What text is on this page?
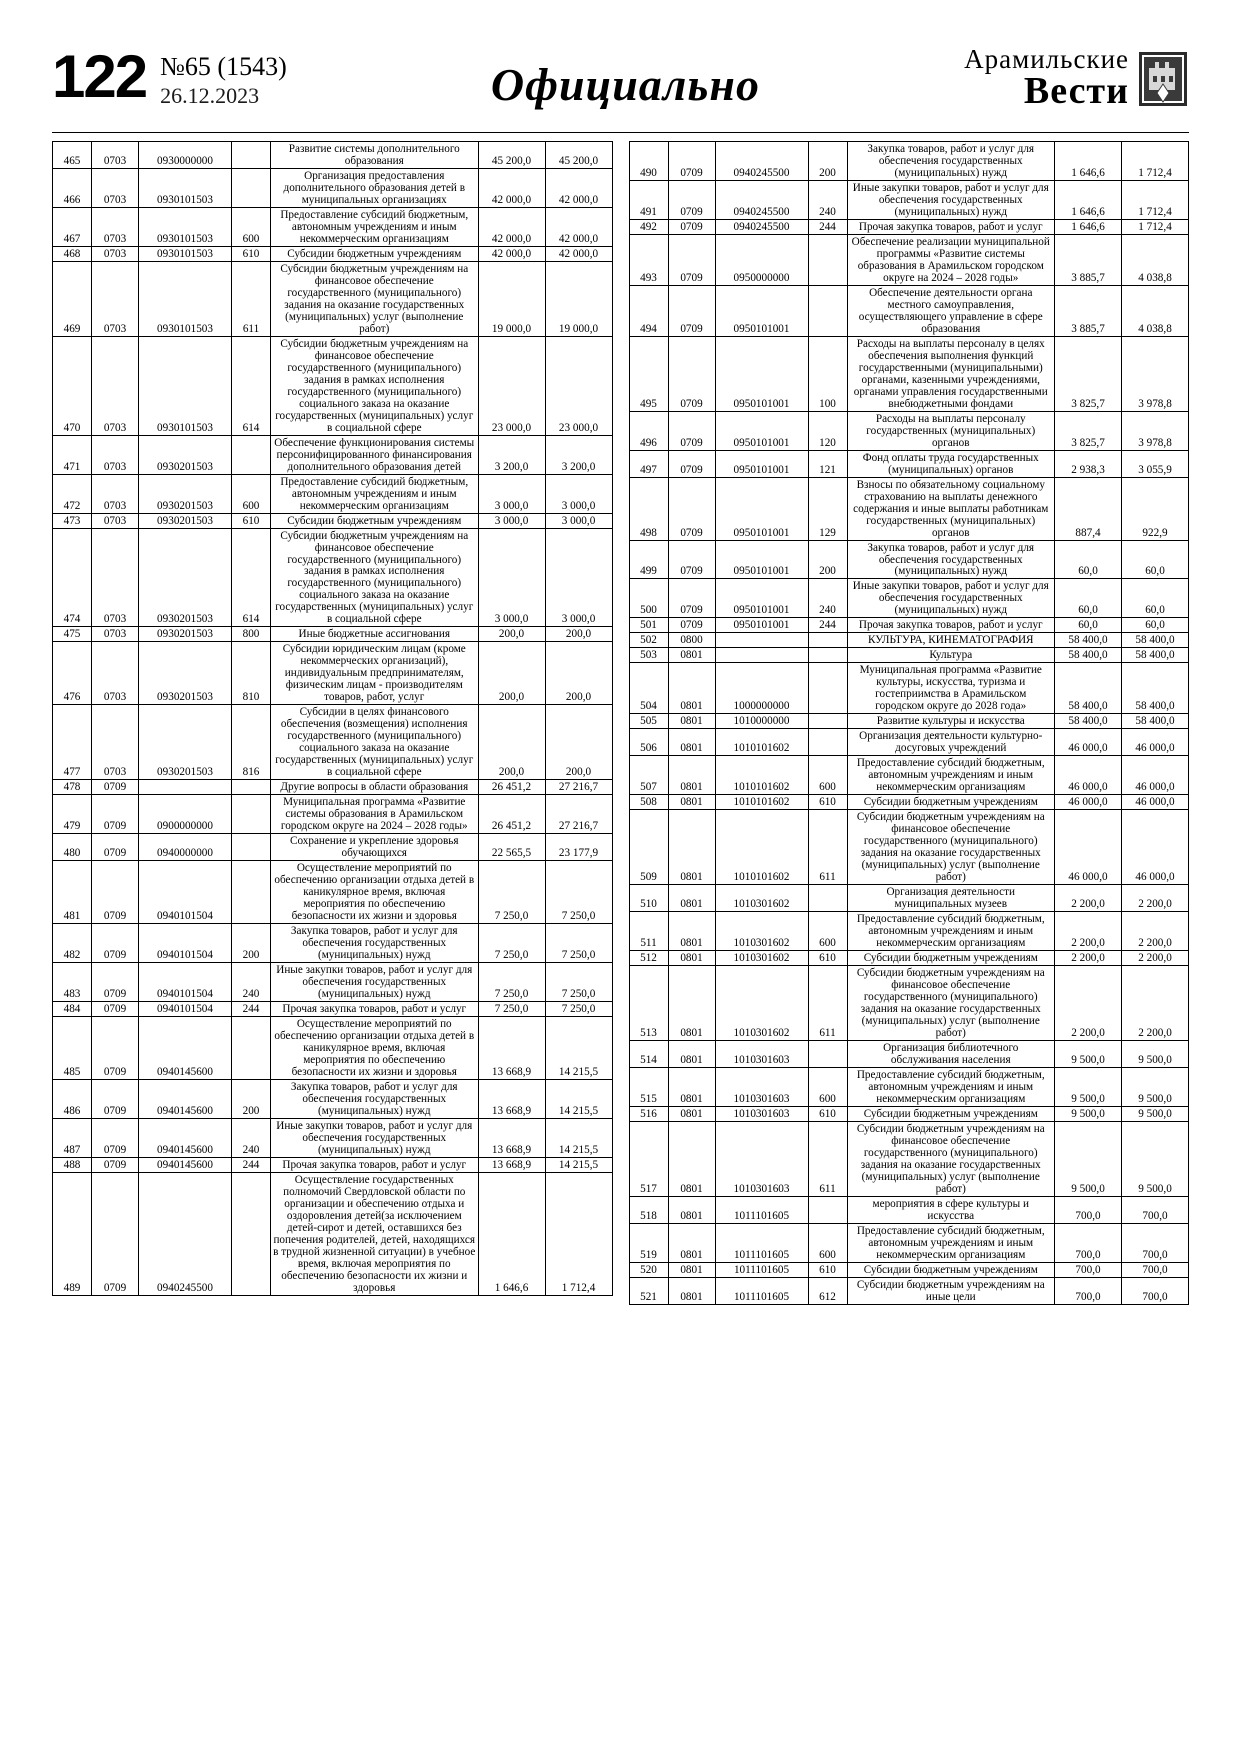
122 №65 (1543)
26.12.2023	Официально	Арамильские
Вести
465	0703	0930000000		Развитие системы дополнительного образования	45 200,0	45 200,0
466	0703	0930101503		Организация предоставления дополнительного образования детей в муниципальных организациях	42 000,0	42 000,0
467	0703	0930101503	600	Предоставление субсидий бюджетным, автономным учреждениям и иным некоммерческим организациям	42 000,0	42 000,0
468	0703	0930101503	610	Субсидии бюджетным учреждениям	42 000,0	42 000,0
469	0703	0930101503	611	Субсидии бюджетным учреждениям на финансовое обеспечение государственного (муниципального) задания на оказание государственных (муниципальных) услуг (выполнение работ)	19 000,0	19 000,0
470	0703	0930101503	614	Субсидии бюджетным учреждениям на финансовое обеспечение государственного (муниципального) задания в рамках исполнения государственного (муниципального) социального заказа на оказание государственных (муниципальных) услуг в социальной сфере	23 000,0	23 000,0
471	0703	0930201503		Обеспечение функционирования системы персонифицированного финансирования дополнительного образования детей	3 200,0	3 200,0
472	0703	0930201503	600	Предоставление субсидий бюджетным, автономным учреждениям и иным некоммерческим организациям	3 000,0	3 000,0
473	0703	0930201503	610	Субсидии бюджетным учреждениям	3 000,0	3 000,0
474	0703	0930201503	614	Субсидии бюджетным учреждениям на финансовое обеспечение государственного (муниципального) задания в рамках исполнения государственного (муниципального) социального заказа на оказание государственных (муниципальных) услуг в социальной сфере	3 000,0	3 000,0
475	0703	0930201503	800	Иные бюджетные ассигнования	200,0	200,0
476	0703	0930201503	810	Субсидии юридическим лицам (кроме некоммерческих организаций), индивидуальным предпринимателям, физическим лицам - производителям товаров, работ, услуг	200,0	200,0
477	0703	0930201503	816	Субсидии в целях финансового обеспечения (возмещения) исполнения государственного (муниципального) социального заказа на оказание государственных (муниципальных) услуг в социальной сфере	200,0	200,0
478	0709			Другие вопросы в области образования	26 451,2	27 216,7
479	0709	0900000000		Муниципальная программа «Развитие системы образования в Арамильском городском округе на 2024 – 2028 годы»	26 451,2	27 216,7
480	0709	0940000000		Сохранение и укрепление здоровья обучающихся	22 565,5	23 177,9
481	0709	0940101504		Осуществление мероприятий по обеспечению организации отдыха детей в каникулярное время, включая мероприятия по обеспечению безопасности их жизни и здоровья	7 250,0	7 250,0
482	0709	0940101504	200	Закупка товаров, работ и услуг для обеспечения государственных (муниципальных) нужд	7 250,0	7 250,0
483	0709	0940101504	240	Иные закупки товаров, работ и услуг для обеспечения государственных (муниципальных) нужд	7 250,0	7 250,0
484	0709	0940101504	244	Прочая закупка товаров, работ и услуг	7 250,0	7 250,0
485	0709	0940145600		Осуществление мероприятий по обеспечению организации отдыха детей в каникулярное время, включая мероприятия по обеспечению безопасности их жизни и здоровья	13 668,9	14 215,5
486	0709	0940145600	200	Закупка товаров, работ и услуг для обеспечения государственных (муниципальных) нужд	13 668,9	14 215,5
487	0709	0940145600	240	Иные закупки товаров, работ и услуг для обеспечения государственных (муниципальных) нужд	13 668,9	14 215,5
488	0709	0940145600	244	Прочая закупка товаров, работ и услуг	13 668,9	14 215,5
489	0709	0940245500		Осуществление государственных полномочий Свердловской области по организации и обеспечению отдыха и оздоровления детей(за исключением детей-сирот и детей, оставшихся без попечения родителей, детей, находящихся в трудной жизненной ситуации) в учебное время, включая мероприятия по обеспечению безопасности их жизни и здоровья	1 646,6	1 712,4
490	0709	0940245500	200	Закупка товаров, работ и услуг для обеспечения государственных (муниципальных) нужд	1 646,6	1 712,4
491	0709	0940245500	240	Иные закупки товаров, работ и услуг для обеспечения государственных (муниципальных) нужд	1 646,6	1 712,4
492	0709	0940245500	244	Прочая закупка товаров, работ и услуг	1 646,6	1 712,4
493	0709	0950000000		Обеспечение реализации муниципальной программы «Развитие системы образования в Арамильском городском округе на 2024 – 2028 годы»	3 885,7	4 038,8
494	0709	0950101001		Обеспечение деятельности органа местного самоуправления, осуществляющего управление в сфере образования	3 885,7	4 038,8
495	0709	0950101001	100	Расходы на выплаты персоналу в целях обеспечения выполнения функций государственными (муниципальными) органами, казенными учреждениями, органами управления государственными внебюджетными фондами	3 825,7	3 978,8
496	0709	0950101001	120	Расходы на выплаты персоналу государственных (муниципальных) органов	3 825,7	3 978,8
497	0709	0950101001	121	Фонд оплаты труда государственных (муниципальных) органов	2 938,3	3 055,9
498	0709	0950101001	129	Взносы по обязательному социальному страхованию на выплаты денежного содержания и иные выплаты работникам государственных (муниципальных) органов	887,4	922,9
499	0709	0950101001	200	Закупка товаров, работ и услуг для обеспечения государственных (муниципальных) нужд	60,0	60,0
500	0709	0950101001	240	Иные закупки товаров, работ и услуг для обеспечения государственных (муниципальных) нужд	60,0	60,0
501	0709	0950101001	244	Прочая закупка товаров, работ и услуг	60,0	60,0
502	0800			КУЛЬТУРА, КИНЕМАТОГРАФИЯ	58 400,0	58 400,0
503	0801			Культура	58 400,0	58 400,0
504	0801	1000000000		Муниципальная программа «Развитие культуры, искусства, туризма и гостеприимства в Арамильском городском округе до 2028 года»	58 400,0	58 400,0
505	0801	1010000000		Развитие культуры и искусства	58 400,0	58 400,0
506	0801	1010101602		Организация деятельности культурно-досуговых учреждений	46 000,0	46 000,0
507	0801	1010101602	600	Предоставление субсидий бюджетным, автономным учреждениям и иным некоммерческим организациям	46 000,0	46 000,0
508	0801	1010101602	610	Субсидии бюджетным учреждениям	46 000,0	46 000,0
509	0801	1010101602	611	Субсидии бюджетным учреждениям на финансовое обеспечение государственного (муниципального) задания на оказание государственных (муниципальных) услуг (выполнение работ)	46 000,0	46 000,0
510	0801	1010301602		Организация деятельности муниципальных музеев	2 200,0	2 200,0
511	0801	1010301602	600	Предоставление субсидий бюджетным, автономным учреждениям и иным некоммерческим организациям	2 200,0	2 200,0
512	0801	1010301602	610	Субсидии бюджетным учреждениям	2 200,0	2 200,0
513	0801	1010301602	611	Субсидии бюджетным учреждениям на финансовое обеспечение государственного (муниципального) задания на оказание государственных (муниципальных) услуг (выполнение работ)	2 200,0	2 200,0
514	0801	1010301603		Организация библиотечного обслуживания населения	9 500,0	9 500,0
515	0801	1010301603	600	Предоставление субсидий бюджетным, автономным учреждениям и иным некоммерческим организациям	9 500,0	9 500,0
516	0801	1010301603	610	Субсидии бюджетным учреждениям	9 500,0	9 500,0
517	0801	1010301603	611	Субсидии бюджетным учреждениям на финансовое обеспечение государственного (муниципального) задания на оказание государственных (муниципальных) услуг (выполнение работ)	9 500,0	9 500,0
518	0801	1011101605		мероприятия в сфере культуры и искусства	700,0	700,0
519	0801	1011101605	600	Предоставление субсидий бюджетным, автономным учреждениям и иным некоммерческим организациям	700,0	700,0
520	0801	1011101605	610	Субсидии бюджетным учреждениям	700,0	700,0
521	0801	1011101605	612	Субсидии бюджетным учреждениям на иные цели	700,0	700,0
